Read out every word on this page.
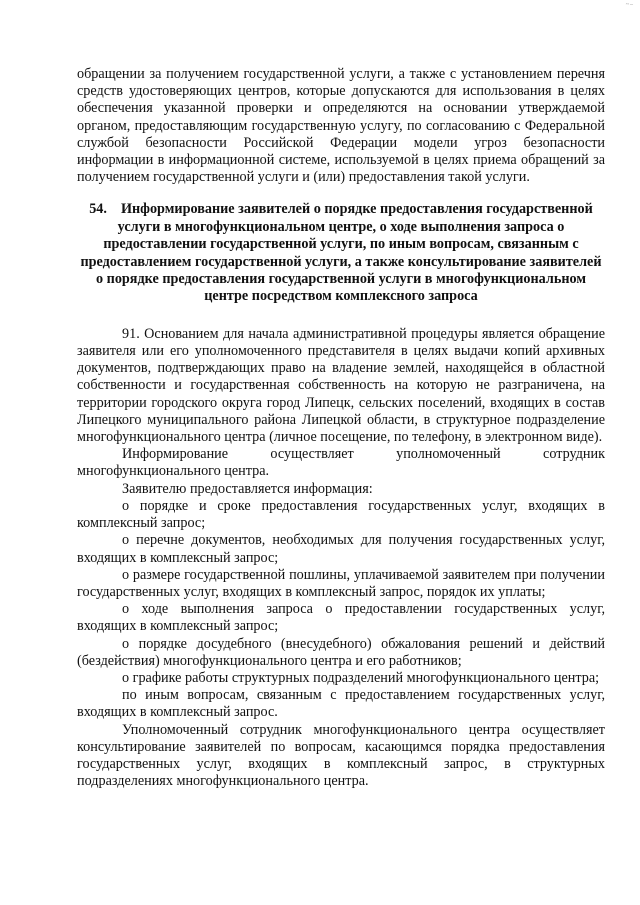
~–

обращении за получением государственной услуги, а также с установлением перечня средств удостоверяющих центров, которые допускаются для использования в целях обеспечения указанной проверки и определяются на основании утверждаемой органом, предоставляющим государственную услугу, по согласованию с Федеральной службой безопасности Российской Федерации модели угроз безопасности информации в информационной системе, используемой в целях приема обращений за получением государственной услуги и (или) предоставления такой услуги.

54. Информирование заявителей о порядке предоставления государственной услуги в многофункциональном центре, о ходе выполнения запроса о предоставлении государственной услуги, по иным вопросам, связанным с предоставлением государственной услуги, а также консультирование заявителей о порядке предоставления государственной услуги в многофункциональном центре посредством комплексного запроса

91. Основанием для начала административной процедуры является обращение заявителя или его уполномоченного представителя в целях выдачи копий архивных документов, подтверждающих право на владение землей, находящейся в областной собственности и государственная собственность на которую не разграничена, на территории городского округа город Липецк, сельских поселений, входящих в состав Липецкого муниципального района Липецкой области, в структурное подразделение многофункционального центра (личное посещение, по телефону, в электронном виде).

Информирование осуществляет уполномоченный сотрудник многофункционального центра.

Заявителю предоставляется информация:

о порядке и сроке предоставления государственных услуг, входящих в комплексный запрос;

о перечне документов, необходимых для получения государственных услуг, входящих в комплексный запрос;

о размере государственной пошлины, уплачиваемой заявителем при получении государственных услуг, входящих в комплексный запрос, порядок их уплаты;

о ходе выполнения запроса о предоставлении государственных услуг, входящих в комплексный запрос;

о порядке досудебного (внесудебного) обжалования решений и действий (бездействия) многофункционального центра и его работников;

о графике работы структурных подразделений многофункционального центра;

по иным вопросам, связанным с предоставлением государственных услуг, входящих в комплексный запрос.

Уполномоченный сотрудник многофункционального центра осуществляет консультирование заявителей по вопросам, касающимся порядка предоставления государственных услуг, входящих в комплексный запрос, в структурных подразделениях многофункционального центра.
